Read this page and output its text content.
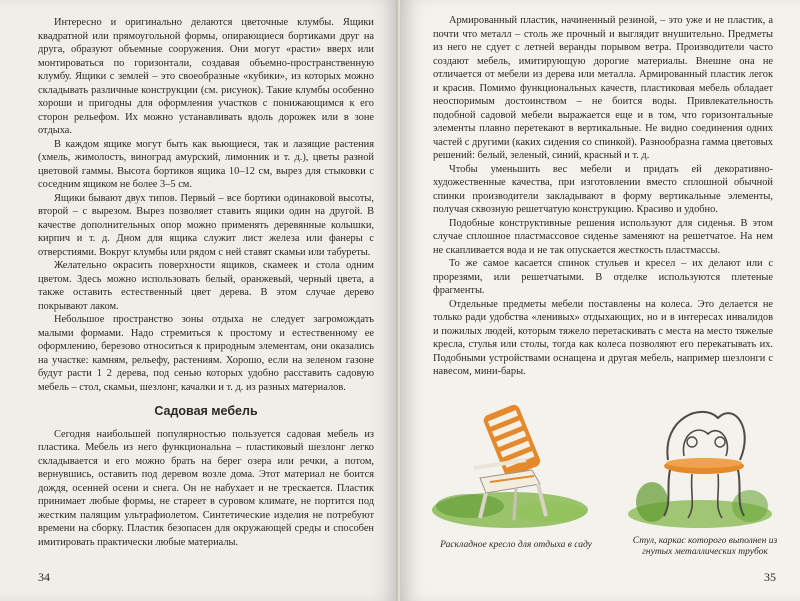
Интересно и оригинально делаются цветочные клумбы. Ящики квадратной или прямоугольной формы, опирающиеся бортиками друг на друга, образуют объемные сооружения. Они могут «расти» вверх или монтироваться по горизонтали, создавая объемно-пространственную клумбу. Ящики с землей – это своеобразные «кубики», из которых можно складывать различные конструкции (см. рисунок). Такие клумбы особенно хороши и пригодны для оформления участков с понижающимся к его сторон рельефом. Их можно устанавливать вдоль дорожек или в зоне отдыха.

В каждом ящике могут быть как вьющиеся, так и лазящие растения (хмель, жимолость, виноград амурский, лимонник и т. д.), цветы разной цветовой гаммы. Высота бортиков ящика 10–12 см, вырез для стыковки с соседним ящиком не более 3–5 см.

Ящики бывают двух типов. Первый – все бортики одинаковой высоты, второй – с вырезом. Вырез позволяет ставить ящики один на другой. В качестве дополнительных опор можно применять деревянные колышки, кирпич и т. д. Дном для ящика служит лист железа или фанеры с отверстиями. Вокруг клумбы или рядом с ней ставят скамьи или табуреты.

Желательно окрасить поверхности ящиков, скамеек и стола одним цветом. Здесь можно использовать белый, оранжевый, черный цвета, а также оставить естественный цвет дерева. В этом случае дерево покрывают лаком.

Небольшое пространство зоны отдыха не следует загромождать малыми формами. Надо стремиться к простому и естественному ее оформлению, березово относиться к природным элементам, они оказались на участке: камням, рельефу, растениям. Хорошо, если на зеленом газоне будут расти 1 2 дерева, под сенью которых удобно расставить садовую мебель – стол, скамьи, шезлонг, качалки и т. д. из разных материалов.

Садовая мебель

Сегодня наибольшей популярностью пользуется садовая мебель из пластика. Мебель из него функциональна – пластиковый шезлонг легко складывается и его можно брать на берег озера или речки, а потом, вернувшись, оставить под деревом возле дома. Этот материал не боится дождя, осенней осени и снега. Он не набухает и не трескается. Пластик принимает любые формы, не стареет в суровом климате, не портится под жестким палящим ультрафиолетом. Синтетические изделия не потребуют времени на сборку. Пластик безопасен для окружающей среды и способен имитировать практически любые материалы.

34

Армированный пластик, начиненный резиной, – это уже и не пластик, а почти что металл – столь же прочный и выглядит внушительно. Предметы из него не сдует с летней веранды порывом ветра. Производители часто создают мебель, имитирующую дорогие материалы. Внешне она не отличается от мебели из дерева или металла. Армированный пластик легок и красив. Помимо функциональных качеств, пластиковая мебель обладает неоспоримым достоинством – не боится воды. Привлекательность подобной садовой мебели выражается еще и в том, что горизонтальные элементы плавно перетекают в вертикальные. Не видно соединения одних частей с другими (каких сидения со спинкой). Разнообразна гамма цветовых решений: белый, зеленый, синий, красный и т. д.

Чтобы уменьшить вес мебели и придать ей декоративно-художественные качества, при изготовлении вместо сплошной обычной спинки производители закладывают в форму вертикальные элементы, получая сквозную решетчатую конструкцию. Красиво и удобно.

Подобные конструктивные решения используют для сиденья. В этом случае сплошное пластмассовое сиденье заменяют на решетчатое. На нем не скапливается вода и не так опускается жесткость пластмассы.

То же самое касается спинок стульев и кресел – их делают или с прорезями, или решетчатыми. В отделке используются плетеные фрагменты.

Отдельные предметы мебели поставлены на колеса. Это делается не только ради удобства «ленивых» отдыхающих, но и в интересах инвалидов и пожилых людей, которым тяжело перетаскивать с места на место тяжелые кресла, стулья или столы, тогда как колеса позволяют его перекатывать их. Подобными устройствами оснащена и другая мебель, например шезлонги с навесом, мини-бары.

Раскладное кресло для отдыха в саду	Стул, каркас которого выполнен из гнутых металлических трубок
35
